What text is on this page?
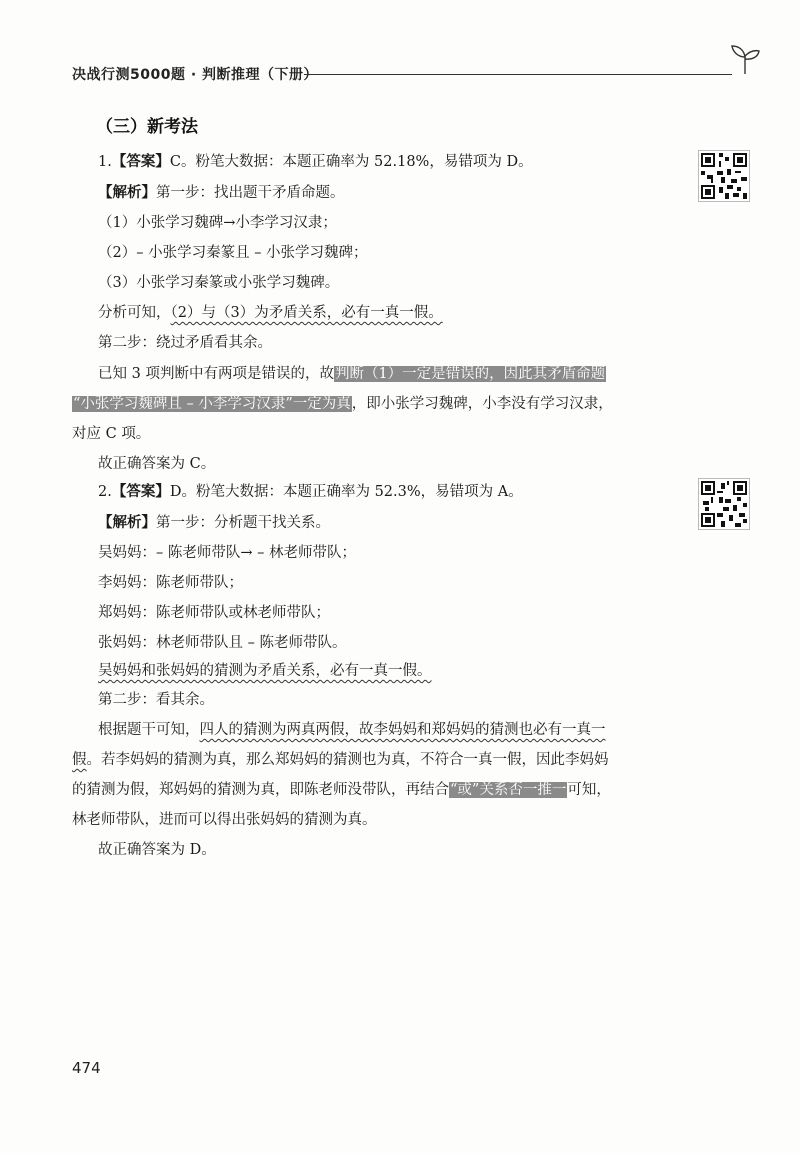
决战行测5000题 · 判断推理（下册）
（三）新考法
1.【答案】C。粉笔大数据：本题正确率为 52.18%，易错项为 D。
【解析】第一步：找出题干矛盾命题。
（1）小张学习魏碑→小李学习汉隶；
（2）– 小张学习秦篆且 – 小张学习魏碑；
（3）小张学习秦篆或小张学习魏碑。
分析可知，（2）与（3）为矛盾关系，必有一真一假。
第二步：绕过矛盾看其余。
已知 3 项判断中有两项是错误的，故判断（1）一定是错误的，因此其矛盾命题
“小张学习魏碑且 – 小李学习汉隶”一定为真，即小张学习魏碑，小李没有学习汉隶，
对应 C 项。
故正确答案为 C。
2.【答案】D。粉笔大数据：本题正确率为 52.3%，易错项为 A。
【解析】第一步：分析题干找关系。
吴妈妈：– 陈老师带队→ – 林老师带队；
李妈妈：陈老师带队；
郑妈妈：陈老师带队或林老师带队；
张妈妈：林老师带队且 – 陈老师带队。
吴妈妈和张妈妈的猜测为矛盾关系，必有一真一假。
第二步：看其余。
根据题干可知，四人的猜测为两真两假，故李妈妈和郑妈妈的猜测也必有一真一
假。若李妈妈的猜测为真，那么郑妈妈的猜测也为真，不符合一真一假，因此李妈妈
的猜测为假，郑妈妈的猜测为真，即陈老师没带队，再结合“或”关系否一推一可知，
林老师带队，进而可以得出张妈妈的猜测为真。
故正确答案为 D。
474
